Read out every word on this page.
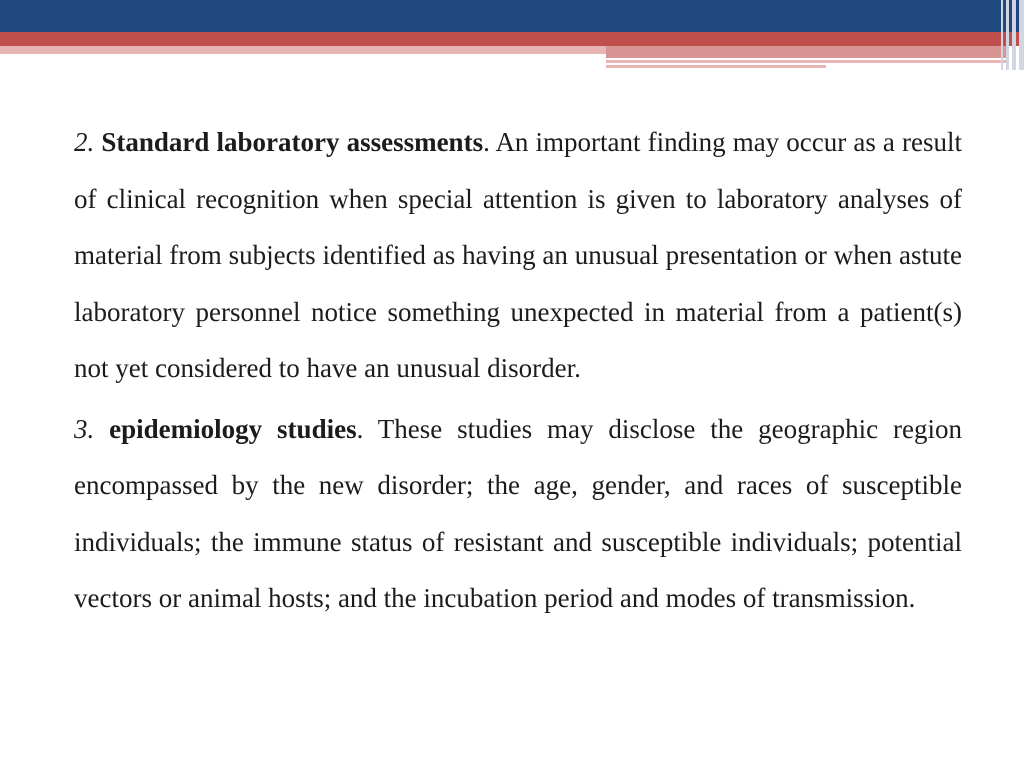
2. Standard laboratory assessments. An important finding may occur as a result of clinical recognition when special attention is given to laboratory analyses of material from subjects identified as having an unusual presentation or when astute laboratory personnel notice something unexpected in material from a patient(s) not yet considered to have an unusual disorder.

3. epidemiology studies. These studies may disclose the geographic region encompassed by the new disorder; the age, gender, and races of susceptible individuals; the immune status of resistant and susceptible individuals; potential vectors or animal hosts; and the incubation period and modes of transmission.
